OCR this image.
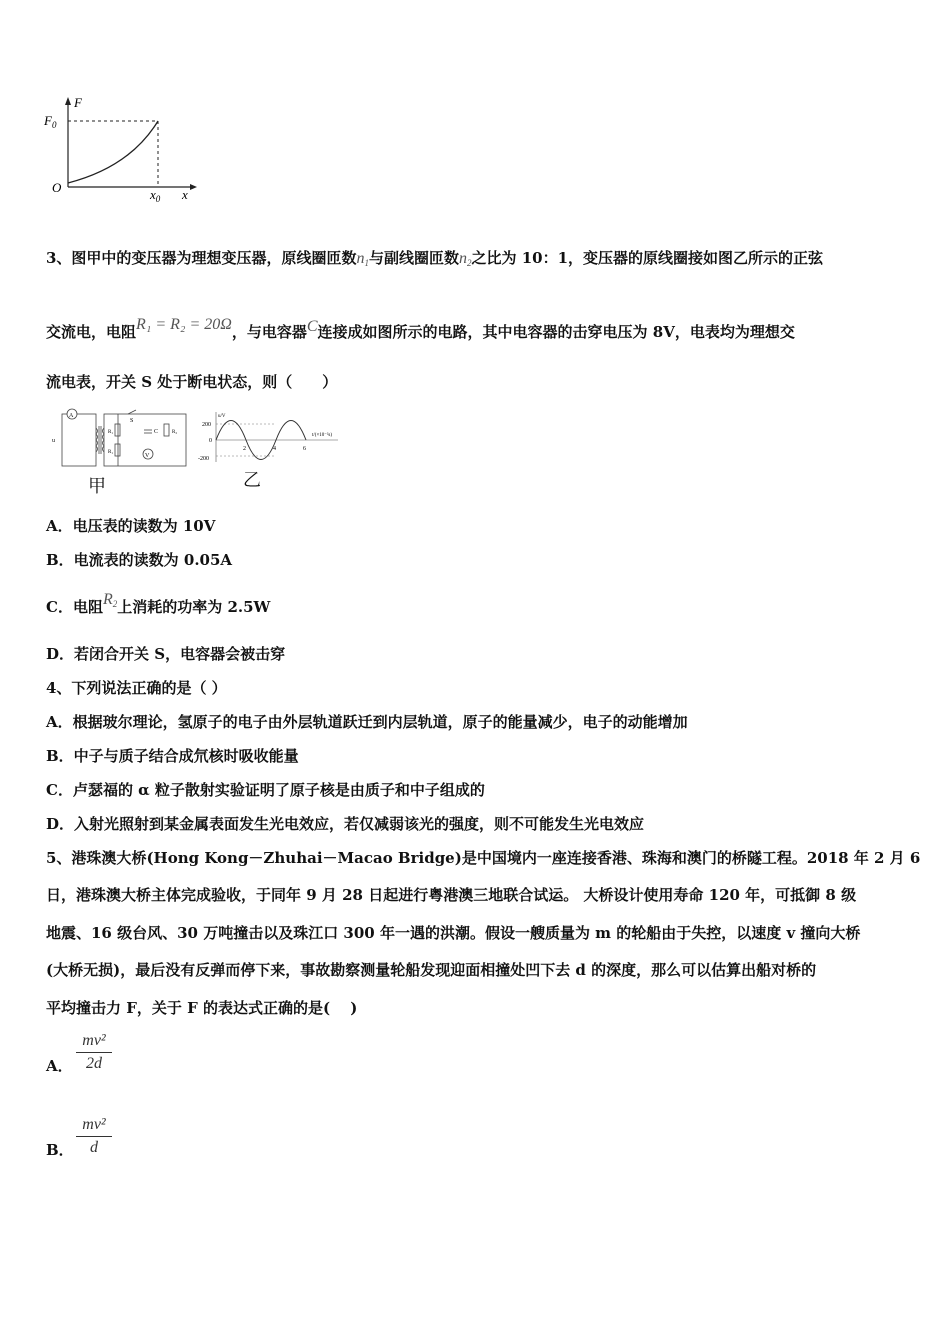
F
$F_0$
O	$x_0$ x
3、图甲中的变压器为理想变压器，原线圈匝数$n_1$与副线圈匝数$n_2$之比为 10：1，变压器的原线圈接如图乙所示的正弦
交流电，电阻R₁ = R₂ = 20Ω，与电容器C连接成如图所示的电路，其中电容器的击穿电压为 8V，电表均为理想交
流电表，开关 S 处于断电状态，则（　　）
A
u
R₁
R₁
S
C
V
R₂
甲
u/V
200
0
-200
2	4	6
t/(×10⁻²s)
乙
A．电压表的读数为 10V
B．电流表的读数为 0.05A
C．电阻$R_2$上消耗的功率为 2.5W
D．若闭合开关 S，电容器会被击穿
4、下列说法正确的是（ ）
A．根据玻尔理论，氢原子的电子由外层轨道跃迁到内层轨道，原子的能量减少，电子的动能增加
B．中子与质子结合成氘核时吸收能量
C．卢瑟福的 α 粒子散射实验证明了原子核是由质子和中子组成的
D．入射光照射到某金属表面发生光电效应，若仅减弱该光的强度，则不可能发生光电效应
5、港珠澳大桥(Hong Kong－Zhuhai－Macao Bridge)是中国境内一座连接香港、珠海和澳门的桥隧工程。2018 年 2 月 6
日，港珠澳大桥主体完成验收，于同年 9 月 28 日起进行粤港澳三地联合试运。 大桥设计使用寿命 120 年，可抵御 8 级
地震、16 级台风、30 万吨撞击以及珠江口 300 年一遇的洪潮。假设一艘质量为 m 的轮船由于失控，以速度 v 撞向大桥
(大桥无损)，最后没有反弹而停下来，事故勘察测量轮船发现迎面相撞处凹下去 d 的深度，那么可以估算出船对桥的
平均撞击力 F，关于 F 的表达式正确的是(　 )
A．
mv²
2d
B．
mv²
d
